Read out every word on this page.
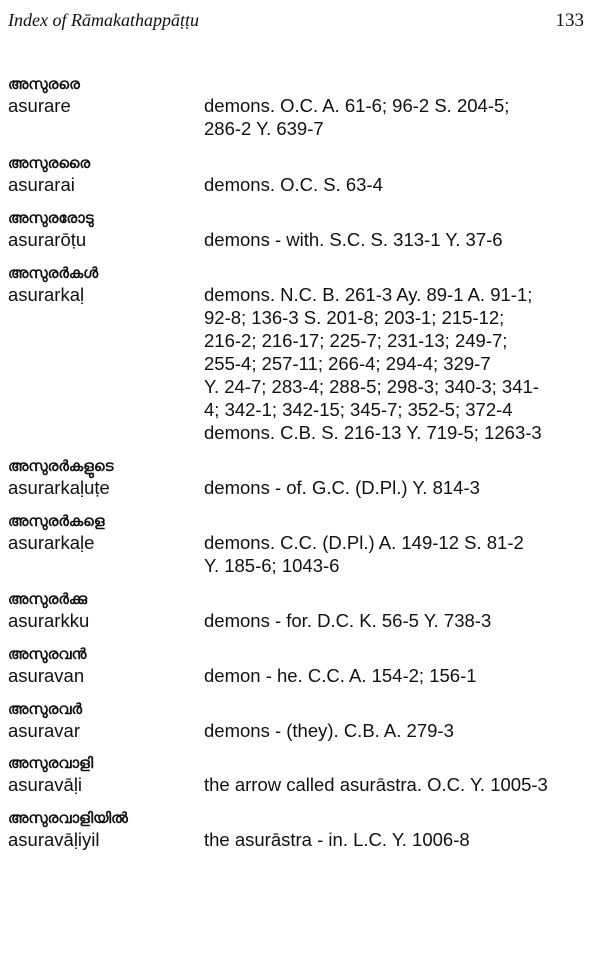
Index of Rāmakathappāṭṭu	133
അസുരരെ
asurare	demons. O.C. A. 61-6; 96-2 S. 204-5;
286-2 Y. 639-7
അസുരരൈ
asurarai	demons. O.C. S. 63-4
അസുരരോടു
asurarōṭu	demons - with. S.C. S. 313-1 Y. 37-6
അസുരർകൾ
asurarkaḷ	demons. N.C. B. 261-3 Ay. 89-1 A. 91-1;
92-8; 136-3 S. 201-8; 203-1; 215-12;
216-2; 216-17; 225-7; 231-13; 249-7;
255-4; 257-11; 266-4; 294-4; 329-7
Y. 24-7; 283-4; 288-5; 298-3; 340-3; 341-
4; 342-1; 342-15; 345-7; 352-5; 372-4
demons. C.B. S. 216-13 Y. 719-5; 1263-3
അസുരർകളുടെ
asurarkaḷuṭe	demons - of. G.C. (D.Pl.) Y. 814-3
അസുരർകളെ
asurarkaḷe	demons. C.C. (D.Pl.) A. 149-12 S. 81-2
Y. 185-6; 1043-6
അസുരർക്കു
asurarkku	demons - for. D.C. K. 56-5 Y. 738-3
അസുരവൻ
asuravan	demon - he. C.C. A. 154-2; 156-1
അസുരവർ
asuravar	demons - (they). C.B. A. 279-3
അസുരവാളി
asuravāḷi	the arrow called asurāstra. O.C. Y. 1005-3
അസുരവാളിയിൽ
asuravāḷiyil	the asurāstra - in. L.C. Y. 1006-8
